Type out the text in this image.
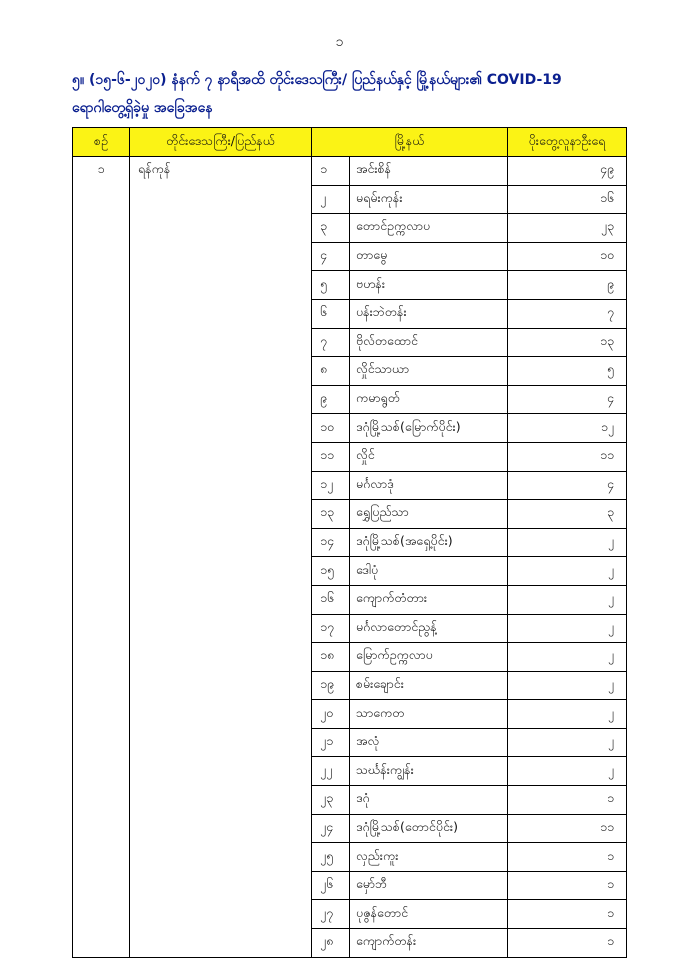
၁
၅။ (၁၅-၆-၂၀၂၀) နံနက် ၇ နာရီအထိ တိုင်းဒေသကြီး/ ပြည်နယ်နှင့် မြို့နယ်များ၏ COVID-19
ရောဂါတွေ့ရှိခဲ့မှု အခြေအနေ
စဉ်	တိုင်းဒေသကြီး/ပြည်နယ်	မြို့နယ်		ပိုးတွေ့လူနာဦးရေ
၁	ရန်ကုန်	၁	အင်းစိန်	၄၉
		၂	မရမ်းကုန်း	၁၆
		၃	တောင်ဥက္ကလာပ	၂၃
		၄	တာမွေ	၁၀
		၅	ဗဟန်း	၉
		၆	ပန်းဘဲတန်း	၇
		၇	ဗိုလ်တထောင်	၁၃
		၈	လှိုင်သာယာ	၅
		၉	ကမာရွတ်	၄
		၁၀	ဒဂုံမြို့သစ်(မြောက်ပိုင်း)	၁၂
		၁၁	လှိုင်	၁၁
		၁၂	မင်္ဂလာဒုံ	၄
		၁၃	ရွှေပြည်သာ	၃
		၁၄	ဒဂုံမြို့သစ်(အရှေ့ပိုင်း)	၂
		၁၅	ဒေါပုံ	၂
		၁၆	ကျောက်တံတား	၂
		၁၇	မင်္ဂလာတောင်ညွန့်	၂
		၁၈	မြောက်ဥက္ကလာပ	၂
		၁၉	စမ်းချောင်း	၂
		၂၀	သာကေတ	၂
		၂၁	အလုံ	၂
		၂၂	သင်္ဃန်းကျွန်း	၂
		၂၃	ဒဂုံ	၁
		၂၄	ဒဂုံမြို့သစ်(တောင်ပိုင်း)	၁၁
		၂၅	လှည်းကူး	၁
		၂၆	မှော်ဘီ	၁
		၂၇	ပုဇွန်တောင်	၁
		၂၈	ကျောက်တန်း	၁
